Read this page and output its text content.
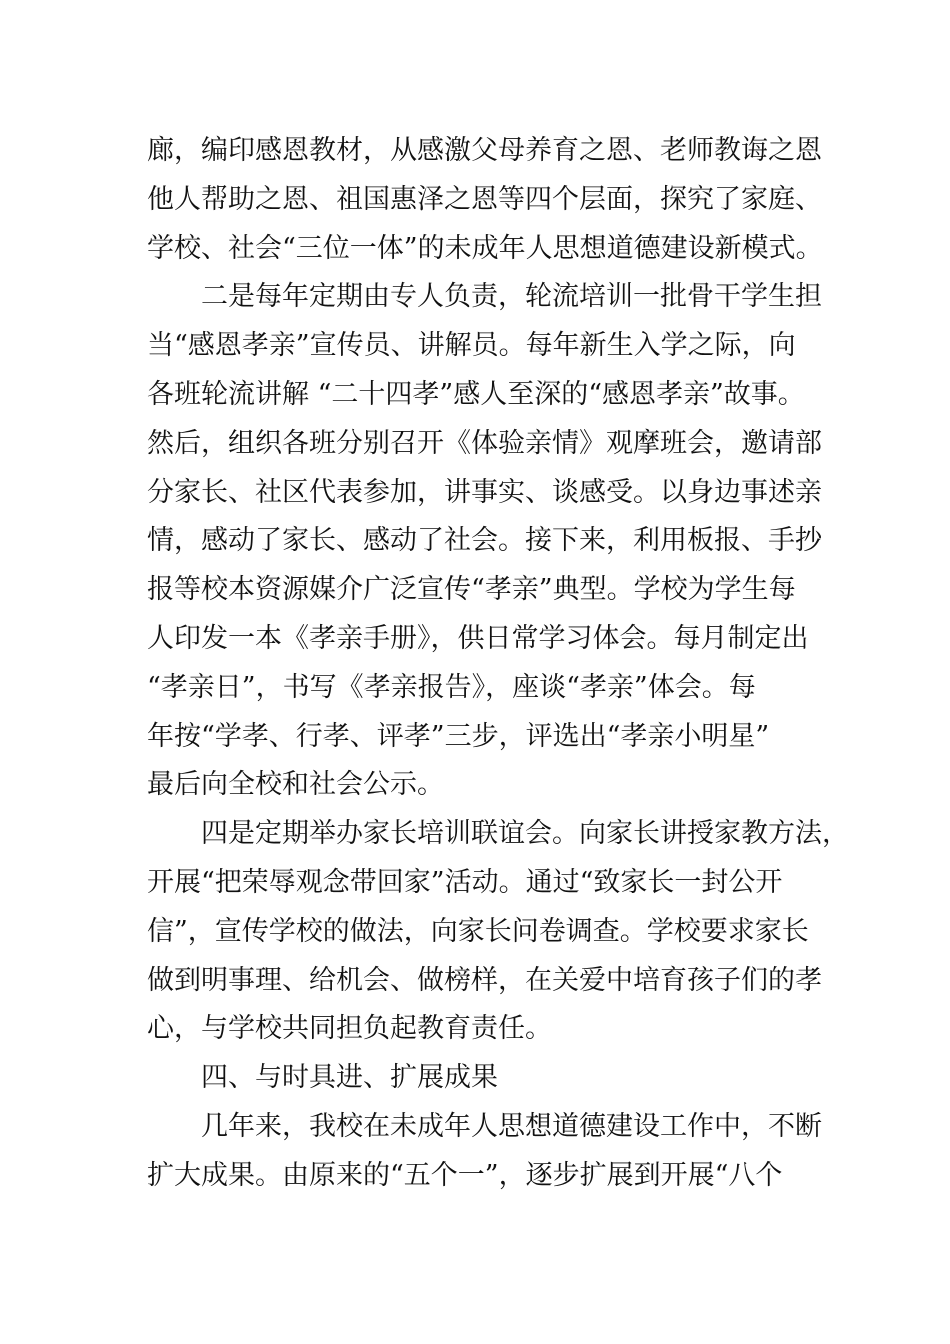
廊，编印感恩教材，从感激父母养育之恩、老师教诲之恩
他人帮助之恩、祖国惠泽之恩等四个层面，探究了家庭、
学校、社会“三位一体”的未成年人思想道德建设新模式。
二是每年定期由专人负责，轮流培训一批骨干学生担
当“感恩孝亲”宣传员、讲解员。每年新生入学之际，向
各班轮流讲解 “二十四孝”感人至深的“感恩孝亲”故事。
然后，组织各班分别召开《体验亲情》观摩班会，邀请部
分家长、社区代表参加，讲事实、谈感受。以身边事述亲
情，感动了家长、感动了社会。接下来，利用板报、手抄
报等校本资源媒介广泛宣传“孝亲”典型。学校为学生每
人印发一本《孝亲手册》，供日常学习体会。每月制定出
“孝亲日”，书写《孝亲报告》，座谈“孝亲”体会。每
年按“学孝、行孝、评孝”三步，评选出“孝亲小明星”
最后向全校和社会公示。
四是定期举办家长培训联谊会。向家长讲授家教方法，
开展“把荣辱观念带回家”活动。通过“致家长一封公开
信”，宣传学校的做法，向家长问卷调查。学校要求家长
做到明事理、给机会、做榜样，在关爱中培育孩子们的孝
心，与学校共同担负起教育责任。
四、与时具进、扩展成果
几年来，我校在未成年人思想道德建设工作中，不断
扩大成果。由原来的“五个一”，逐步扩展到开展“八个
